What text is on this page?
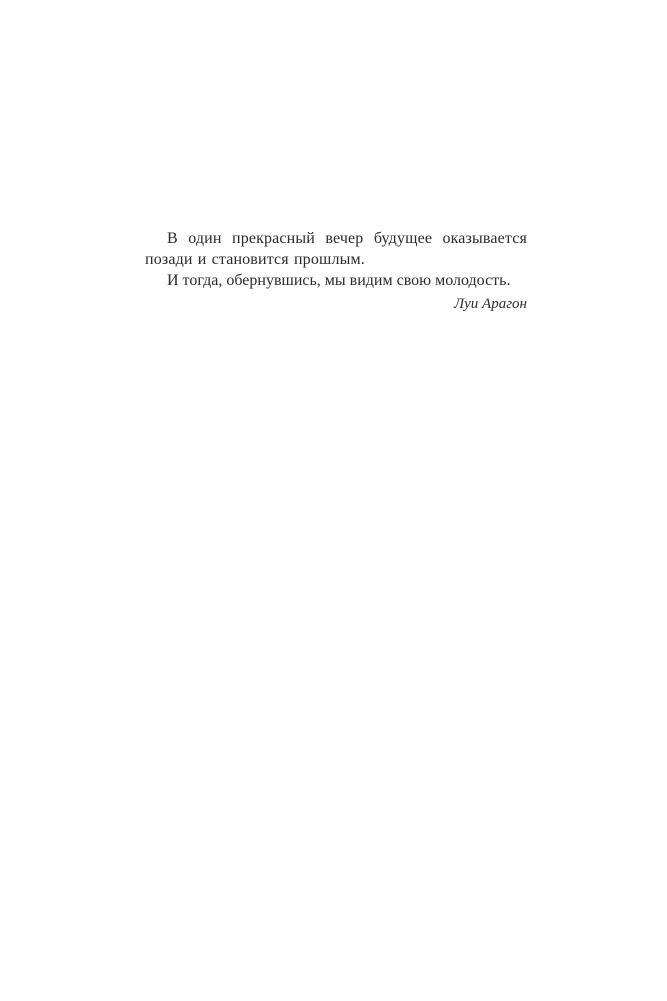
В один прекрасный вечер будущее оказывается позади и становится прошлым.

И тогда, обернувшись, мы видим свою молодость.

Луи Арагон
